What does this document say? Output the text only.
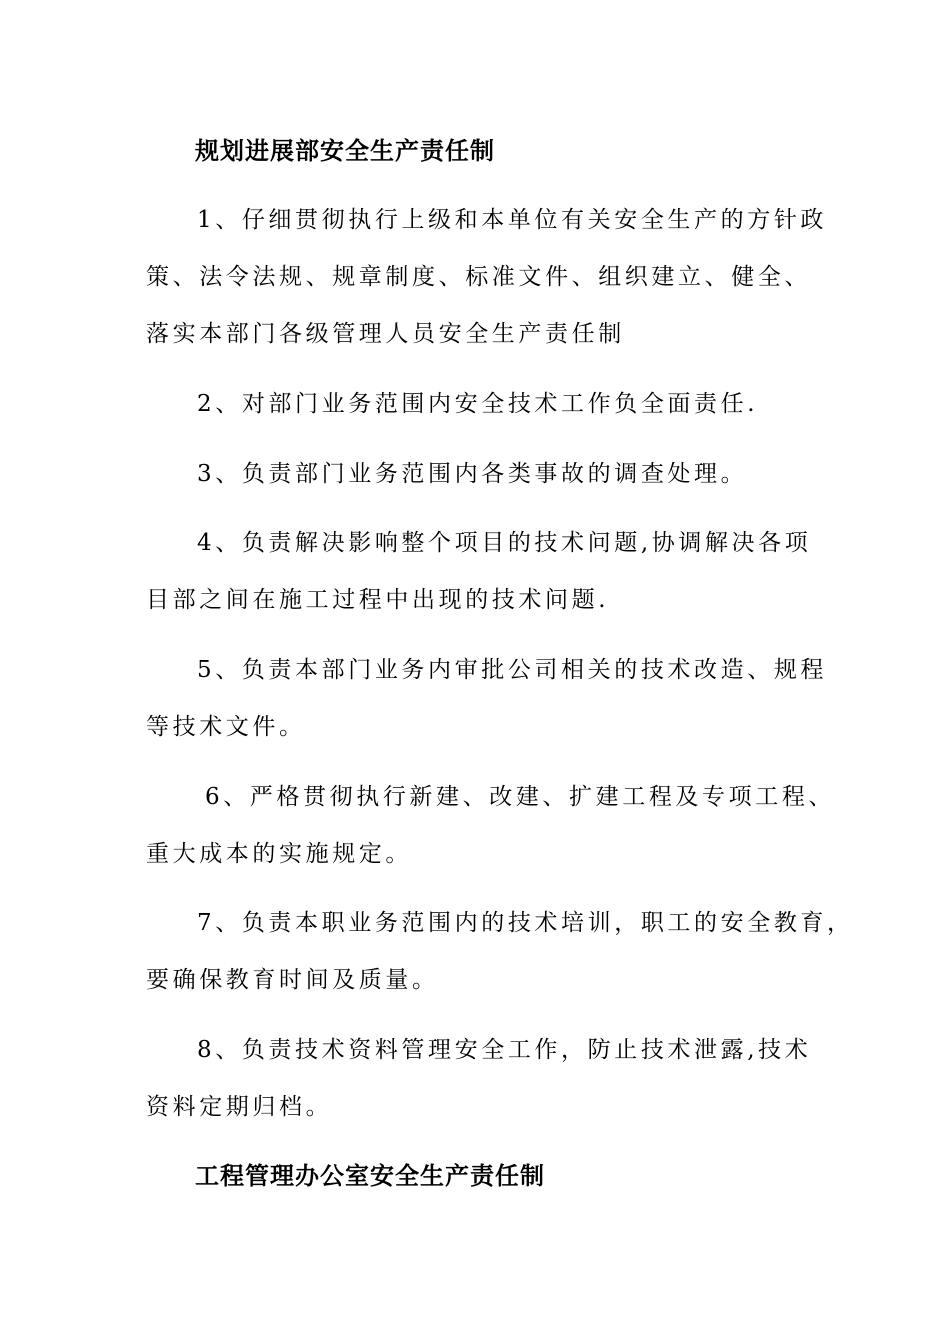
规划进展部安全生产责任制
1、仔细贯彻执行上级和本单位有关安全生产的方针政
策、法令法规、规章制度、标准文件、组织建立、健全、
落实本部门各级管理人员安全生产责任制
2、对部门业务范围内安全技术工作负全面责任.
3、负责部门业务范围内各类事故的调查处理。
4、负责解决影响整个项目的技术问题,协调解决各项
目部之间在施工过程中出现的技术问题.
5、负责本部门业务内审批公司相关的技术改造、规程
等技术文件。
6、严格贯彻执行新建、改建、扩建工程及专项工程、
重大成本的实施规定。
7、负责本职业务范围内的技术培训，职工的安全教育，
要确保教育时间及质量。
8、负责技术资料管理安全工作，防止技术泄露,技术
资料定期归档。
工程管理办公室安全生产责任制
